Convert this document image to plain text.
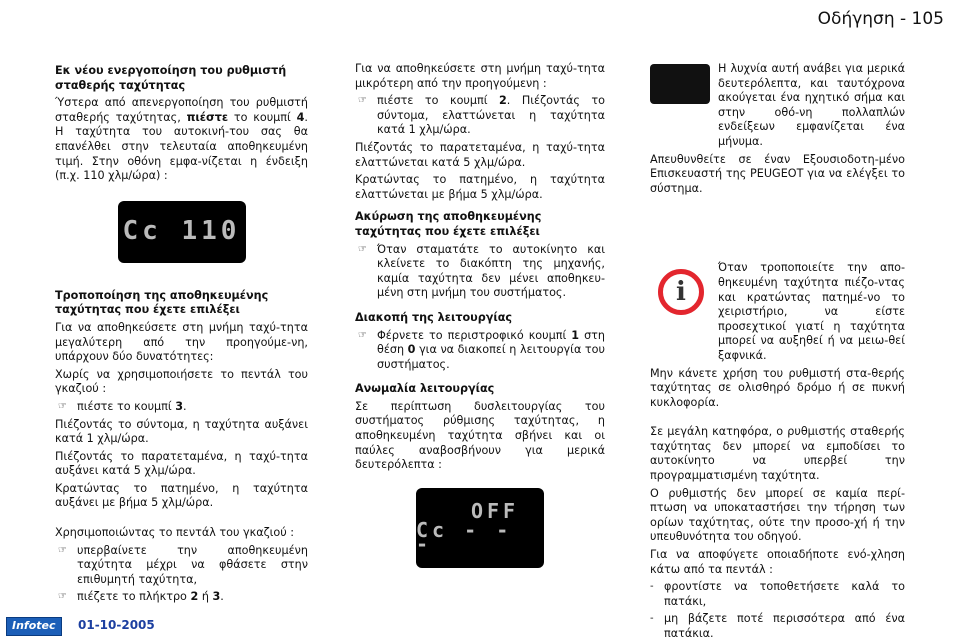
Οδήγηση - 105
Εκ νέου ενεργοποίηση του ρυθμιστή σταθερής ταχύτητας

Ύστερα από απενεργοποίηση του ρυθμιστή σταθερής ταχύτητας, πιέστε το κουμπί 4. Η ταχύτητα του αυτοκινή-του σας θα επανέλθει στην τελευταία αποθηκευμένη τιμή. Στην οθόνη εμφα-νίζεται η ένδειξη (π.χ. 110 χλμ/ώρα) :

Cc 110
Τροποποίηση της αποθηκευμένης ταχύτητας που έχετε επιλέξει

Για να αποθηκεύσετε στη μνήμη ταχύ-τητα μεγαλύτερη από την προηγούμε-νη, υπάρχουν δύο δυνατότητες:

Χωρίς να χρησιμοποιήσετε το πεντάλ του γκαζιού :

☞ πιέστε το κουμπί 3.

Πιέζοντάς το σύντομα, η ταχύτητα αυξάνει κατά 1 χλμ/ώρα.

Πιέζοντάς το παρατεταμένα, η ταχύ-τητα αυξάνει κατά 5 χλμ/ώρα.

Κρατώντας το πατημένο, η ταχύτητα αυξάνει με βήμα 5 χλμ/ώρα.

Χρησιμοποιώντας το πεντάλ του γκαζιού :

☞ υπερβαίνετε την αποθηκευμένη ταχύτητα μέχρι να φθάσετε στην επιθυμητή ταχύτητα,
☞ πιέζετε το πλήκτρο 2 ή 3.

Για να αποθηκεύσετε στη μνήμη ταχύ-τητα μικρότερη από την προηγούμενη :

☞ πιέστε το κουμπί 2. Πιέζοντάς το σύντομα, ελαττώνεται η ταχύτητα κατά 1 χλμ/ώρα.

Πιέζοντάς το παρατεταμένα, η ταχύ-τητα ελαττώνεται κατά 5 χλμ/ώρα.

Κρατώντας το πατημένο, η ταχύτητα ελαττώνεται με βήμα 5 χλμ/ώρα.

Ακύρωση της αποθηκευμένης ταχύτητας που έχετε επιλέξει
☞ Όταν σταματάτε το αυτοκίνητο και κλείνετε το διακόπτη της μηχανής, καμία ταχύτητα δεν μένει αποθηκευ-μένη στη μνήμη του συστήματος.
Διακοπή της λειτουργίας
☞ Φέρνετε το περιστροφικό κουμπί 1 στη θέση 0 για να διακοπεί η λειτουργία του συστήματος.
Ανωμαλία λειτουργίας

Σε περίπτωση δυσλειτουργίας του συστήματος ρύθμισης ταχύτητας, η αποθηκευμένη ταχύτητα σβήνει και οι παύλες αναβοσβήνουν για μερικά δευτερόλεπτα :

OFF
Cc - - -

Η λυχνία αυτή ανάβει για μερικά δευτερόλεπτα, και ταυτόχρονα ακούγεται ένα ηχητικό σήμα και στην οθό-νη πολλαπλών ενδείξεων εμφανίζεται ένα μήνυμα.

Απευθυνθείτε σε έναν Εξουσιοδοτη-μένο Επισκευαστή της PEUGEOT για να ελέγξει το σύστημα.

i

Όταν τροποποιείτε την απο-θηκευμένη ταχύτητα πιέζο-ντας και κρατώντας πατημέ-νο το χειριστήριο, να είστε προσεχτικοί γιατί η ταχύτητα μπορεί να αυξηθεί ή να μειω-θεί ξαφνικά.

Μην κάνετε χρήση του ρυθμιστή στα-θερής ταχύτητας σε ολισθηρό δρόμο ή σε πυκνή κυκλοφορία.

Σε μεγάλη κατηφόρα, ο ρυθμιστής σταθερής ταχύτητας δεν μπορεί να εμποδίσει το αυτοκίνητο να υπερβεί την προγραμματισμένη ταχύτητα.

Ο ρυθμιστής δεν μπορεί σε καμία περί-πτωση να υποκαταστήσει την τήρηση των ορίων ταχύτητας, ούτε την προσο-χή ή την υπευθυνότητα του οδηγού.

Για να αποφύγετε οποιαδήποτε ενό-χληση κάτω από τα πεντάλ :

- φροντίστε να τοποθετήσετε καλά το πατάκι,
- μη βάζετε ποτέ περισσότερα από ένα πατάκια.
Infotec	01-10-2005
